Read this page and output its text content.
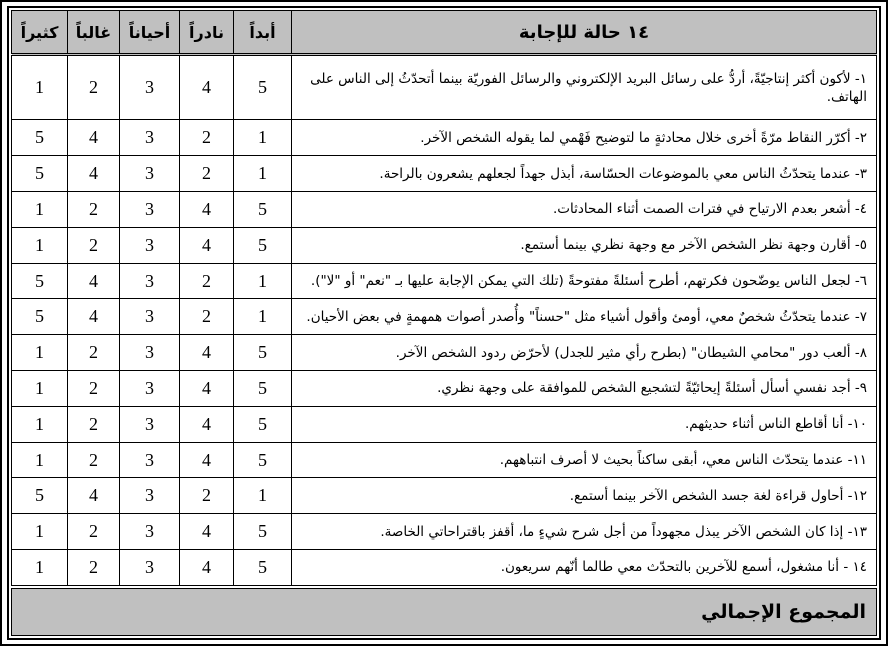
١٤ حالة للإجابة	أبداً	نادراً	أحياناً	غالباً	كثيراً
١- لأكون أكثر إنتاجيّةً، أردُّ على رسائل البريد الإلكتروني والرسائل الفوريّة بينما أتحدّثُ إلى الناس على الهاتف.	5	4	3	2	1
٢- أكرّر النقاط مرّةً أخرى خلال محادثةٍ ما لتوضيح فَهْمي لما يقوله الشخص الآخر.	1	2	3	4	5
٣- عندما يتحدّثُ الناس معي بالموضوعات الحسّاسة، أبذل جهداً لجعلهم يشعرون بالراحة.	1	2	3	4	5
٤- أشعر بعدم الارتياح في فترات الصمت أثناء المحادثات.	5	4	3	2	1
٥- أقارن وجهة نظر الشخص الآخر مع وجهة نظري بينما أستمع.	5	4	3	2	1
٦- لجعل الناس يوضّحون فكرتهم، أطرح أسئلةً مفتوحةً (تلك التي يمكن الإجابة عليها بـ "نعم" أو "لا").	1	2	3	4	5
٧- عندما يتحدّثُ شخصٌ معي، أومئ وأقول أشياء مثل "حسناً" وأُصدر أصوات همهمةٍ في بعض الأحيان.	1	2	3	4	5
٨- ألعب دور "محامي الشيطان" (بطرح رأي مثير للجدل) لأحرّض ردود الشخص الآخر.	5	4	3	2	1
٩- أجد نفسي أسأل أسئلةً إيحائيّةً لتشجيع الشخص للموافقة على وجهة نظري.	5	4	3	2	1
١٠- أنا أقاطع الناس أثناء حديثهم.	5	4	3	2	1
١١- عندما يتحدّث الناس معي، أبقى ساكناً بحيث لا أصرف انتباههم.	5	4	3	2	1
١٢- أحاول قراءة لغة جسد الشخص الآخر بينما أستمع.	1	2	3	4	5
١٣- إذا كان الشخص الآخر يبذل مجهوداً من أجل شرح شيءٍ ما، أقفز باقتراحاتي الخاصة.	5	4	3	2	1
١٤ - أنا مشغول، أسمع للآخرين بالتحدّث معي طالما أنّهم سريعون.	5	4	3	2	1
المجموع الإجمالي
